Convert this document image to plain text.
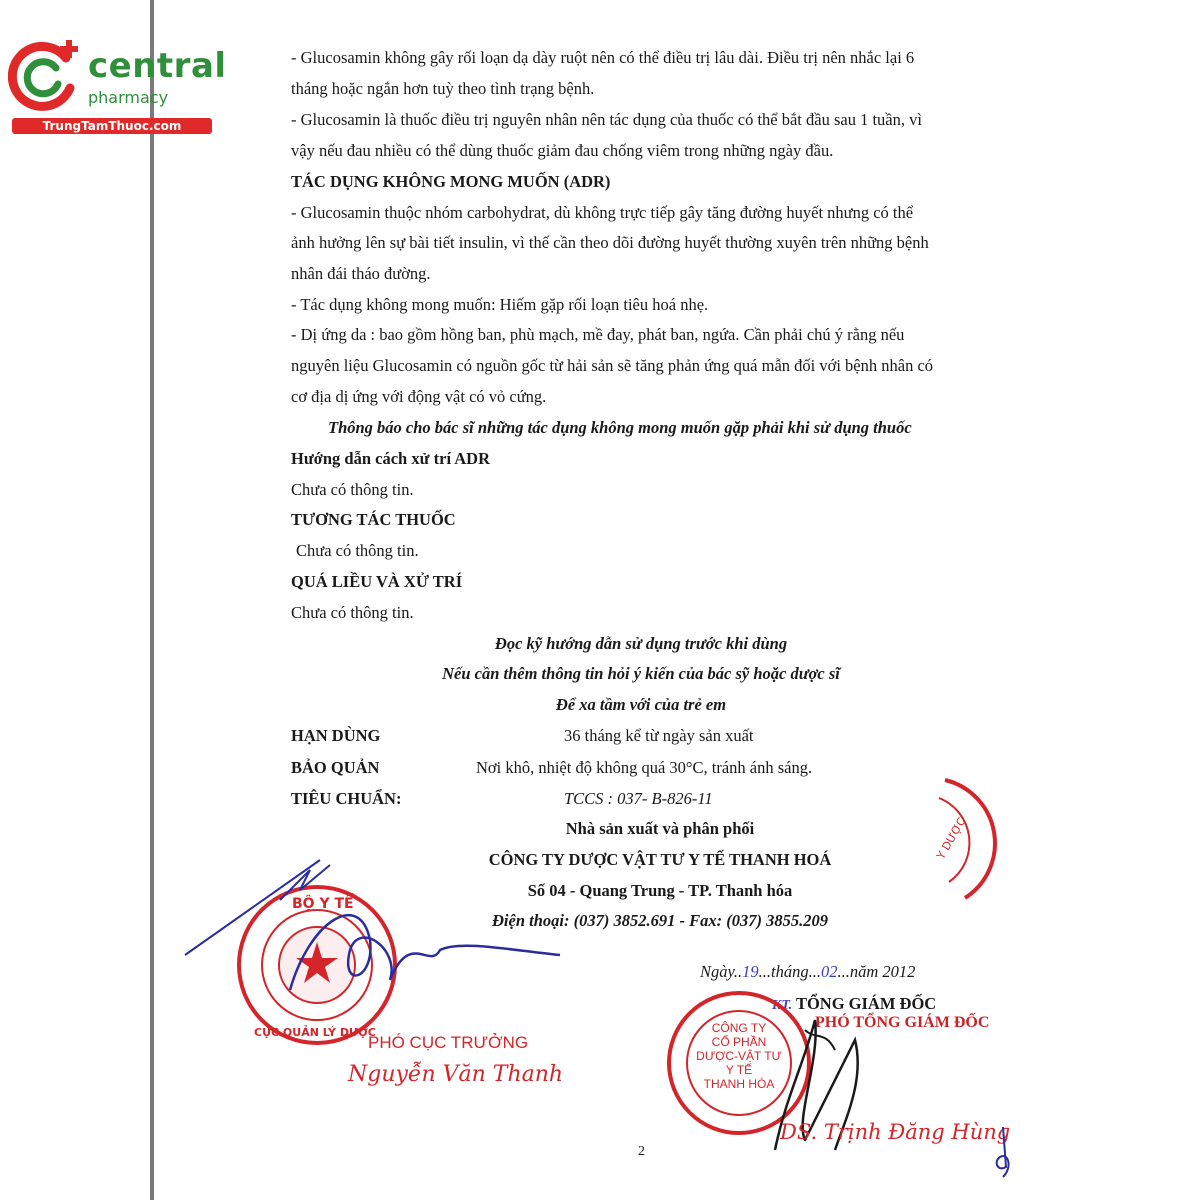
central
pharmacy
TrungTamThuoc.com
- Glucosamin không gây rối loạn dạ dày ruột nên có thể điều trị lâu dài. Điều trị nên nhắc lại 6
tháng hoặc ngắn hơn tuỳ theo tình trạng bệnh.
- Glucosamin là thuốc điều trị nguyên nhân nên tác dụng của thuốc có thể bắt đầu sau 1 tuần, vì
vậy nếu đau nhiều có thể dùng thuốc giảm đau chống viêm trong những ngày đầu.
TÁC DỤNG KHÔNG MONG MUỐN (ADR)
- Glucosamin thuộc nhóm carbohydrat, dù không trực tiếp gây tăng đường huyết nhưng có thể
ảnh hưởng lên sự bài tiết insulin, vì thế cần theo dõi đường huyết thường xuyên trên những bệnh
nhân đái tháo đường.
- Tác dụng không mong muốn: Hiếm gặp rối loạn tiêu hoá nhẹ.
- Dị ứng da : bao gồm hồng ban, phù mạch, mề đay, phát ban, ngứa. Cần phải chú ý rằng nếu
nguyên liệu Glucosamin có nguồn gốc từ hải sản sẽ tăng phản ứng quá mẫn đối với bệnh nhân có
cơ địa dị ứng với động vật có vỏ cứng.
Thông báo cho bác sĩ những tác dụng không mong muốn gặp phải khi sử dụng thuốc
Hướng dẫn cách xử trí ADR
Chưa có thông tin.
TƯƠNG TÁC THUỐC
Chưa có thông tin.
QUÁ LIỀU VÀ XỬ TRÍ
Chưa có thông tin.
Đọc kỹ hướng dẫn sử dụng trước khi dùng
Nếu cần thêm thông tin hỏi ý kiến của bác sỹ hoặc dược sĩ
Để xa tầm với của trẻ em
HẠN DÙNG	36 tháng kể từ ngày sản xuất
BẢO QUẢN	Nơi khô, nhiệt độ không quá 30°C, tránh ánh sáng.
TIÊU CHUẨN:	TCCS : 037- B-826-11
Nhà sản xuất và phân phối
CÔNG TY DƯỢC VẬT TƯ Y TẾ THANH HOÁ
Số 04 - Quang Trung - TP. Thanh hóa
Điện thoại: (037) 3852.691 - Fax: (037) 3855.209
Ngày..19...tháng...02...năm 2012
Y DƯỢC
BỘ Y TẾ
CỤC QUẢN LÝ DƯỢC
PHÓ CỤC TRƯỞNG
Nguyễn Văn Thanh
KT. TỔNG GIÁM ĐỐC
PHÓ TỔNG GIÁM ĐỐC
CÔNG TY
CỔ PHẦN
DƯỢC-VẬT TƯ
Y TẾ
THANH HÓA
DS. Trịnh Đăng Hùng
2
